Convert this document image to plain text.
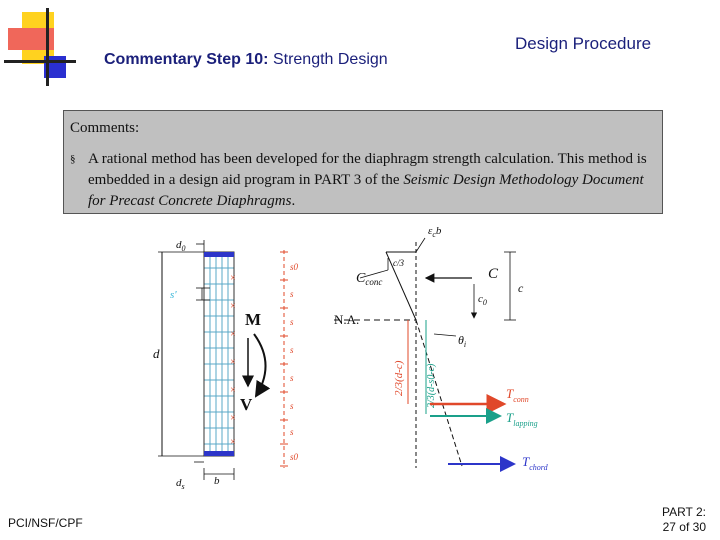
Commentary Step 10: Strength Design
Design Procedure
Comments:
§ A rational method has been developed for the diaphragm strength calculation. This method is embedded in a design aid program in PART 3 of the Seismic Design Methodology Document for Precast Concrete Diaphragms.
×
×
×
×
×
×
×
d
$d_0$
s'
$d_s$	b
M
V
s0
s
s
s
s
s
s
s0
N.A.
$\varepsilon_cb$
c/3
$C_{conc}$	C
$c_0$
c
$\theta_i$
2/3(d-c) 2/3(d-s0-c)	$T_{conn}$
$T_{lapping}$
$T_{chord}$
PCI/NSF/CPF
PART 2:
27 of 30
